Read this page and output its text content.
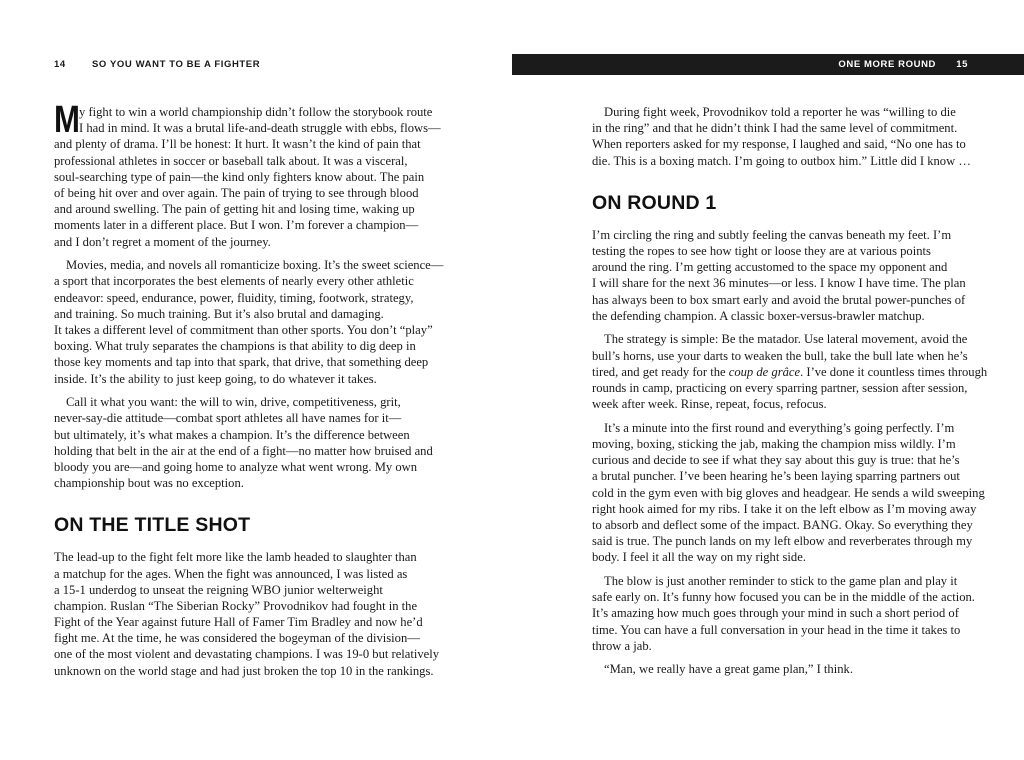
14	SO YOU WANT TO BE A FIGHTER
M y fight to win a world championship didn’t follow the storybook route
I had in mind. It was a brutal life-and-death struggle with ebbs, flows—
and plenty of drama. I’ll be honest: It hurt. It wasn’t the kind of pain that
professional athletes in soccer or baseball talk about. It was a visceral,
soul-searching type of pain—the kind only fighters know about. The pain
of being hit over and over again. The pain of trying to see through blood
and around swelling. The pain of getting hit and losing time, waking up
moments later in a different place. But I won. I’m forever a champion—
and I don’t regret a moment of the journey.
Movies, media, and novels all romanticize boxing. It’s the sweet science—
a sport that incorporates the best elements of nearly every other athletic
endeavor: speed, endurance, power, fluidity, timing, footwork, strategy,
and training. So much training. But it’s also brutal and damaging.
It takes a different level of commitment than other sports. You don’t “play”
boxing. What truly separates the champions is that ability to dig deep in
those key moments and tap into that spark, that drive, that something deep
inside. It’s the ability to just keep going, to do whatever it takes.
Call it what you want: the will to win, drive, competitiveness, grit,
never-say-die attitude—combat sport athletes all have names for it—
but ultimately, it’s what makes a champion. It’s the difference between
holding that belt in the air at the end of a fight—no matter how bruised and
bloody you are—and going home to analyze what went wrong. My own
championship bout was no exception.
ON THE TITLE SHOT
The lead-up to the fight felt more like the lamb headed to slaughter than
a matchup for the ages. When the fight was announced, I was listed as
a 15-1 underdog to unseat the reigning WBO junior welterweight
champion. Ruslan “The Siberian Rocky” Provodnikov had fought in the
Fight of the Year against future Hall of Famer Tim Bradley and now he’d
fight me. At the time, he was considered the bogeyman of the division—
one of the most violent and devastating champions. I was 19-0 but relatively
unknown on the world stage and had just broken the top 10 in the rankings.
ONE MORE ROUND 15
During fight week, Provodnikov told a reporter he was “willing to die
in the ring” and that he didn’t think I had the same level of commitment.
When reporters asked for my response, I laughed and said, “No one has to
die. This is a boxing match. I’m going to outbox him.” Little did I know …
ON ROUND 1
I’m circling the ring and subtly feeling the canvas beneath my feet. I’m
testing the ropes to see how tight or loose they are at various points
around the ring. I’m getting accustomed to the space my opponent and
I will share for the next 36 minutes—or less. I know I have time. The plan
has always been to box smart early and avoid the brutal power-punches of
the defending champion. A classic boxer-versus-brawler matchup.
The strategy is simple: Be the matador. Use lateral movement, avoid the
bull’s horns, use your darts to weaken the bull, take the bull late when he’s
tired, and get ready for the coup de grâce. I’ve done it countless times through
rounds in camp, practicing on every sparring partner, session after session,
week after week. Rinse, repeat, focus, refocus.
It’s a minute into the first round and everything’s going perfectly. I’m
moving, boxing, sticking the jab, making the champion miss wildly. I’m
curious and decide to see if what they say about this guy is true: that he’s
a brutal puncher. I’ve been hearing he’s been laying sparring partners out
cold in the gym even with big gloves and headgear. He sends a wild sweeping
right hook aimed for my ribs. I take it on the left elbow as I’m moving away
to absorb and deflect some of the impact. BANG. Okay. So everything they
said is true. The punch lands on my left elbow and reverberates through my
body. I feel it all the way on my right side.
The blow is just another reminder to stick to the game plan and play it
safe early on. It’s funny how focused you can be in the middle of the action.
It’s amazing how much goes through your mind in such a short period of
time. You can have a full conversation in your head in the time it takes to
throw a jab.
“Man, we really have a great game plan,” I think.
